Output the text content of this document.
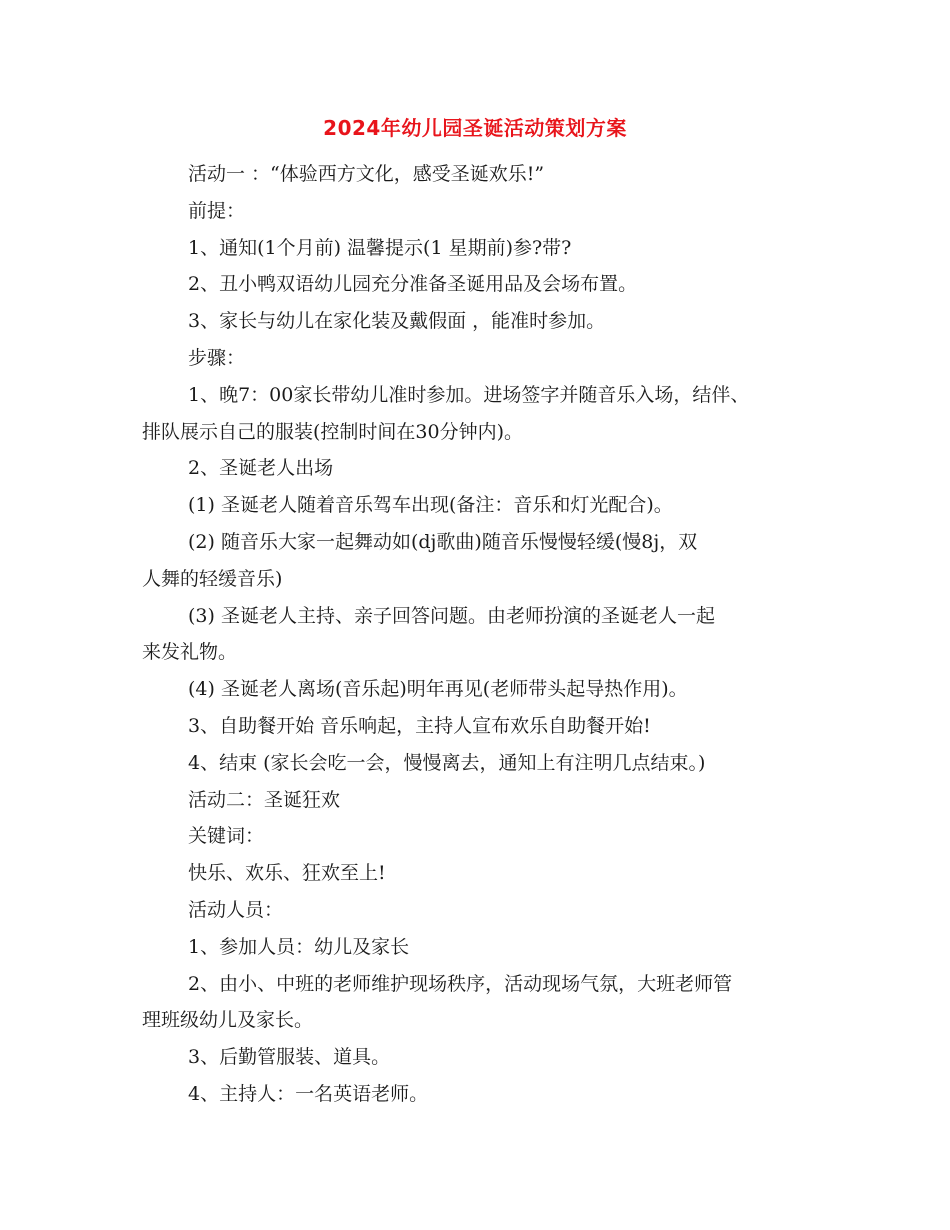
2024年幼儿园圣诞活动策划方案

活动一 ：“体验西方文化，感受圣诞欢乐!”

前提：

1、通知(1个月前) 温馨提示(1 星期前)参?带?

2、丑小鸭双语幼儿园充分准备圣诞用品及会场布置。

3、家长与幼儿在家化装及戴假面 ，能准时参加。

步骤：

1、晚7：00家长带幼儿准时参加。进场签字并随音乐入场，结伴、

排队展示自己的服装(控制时间在30分钟内)。

2、圣诞老人出场

(1) 圣诞老人随着音乐驾车出现(备注：音乐和灯光配合)。

(2) 随音乐大家一起舞动如(dj歌曲)随音乐慢慢轻缓(慢8j，双

人舞的轻缓音乐)

(3) 圣诞老人主持、亲子回答问题。由老师扮演的圣诞老人一起

来发礼物。

(4) 圣诞老人离场(音乐起)明年再见(老师带头起导热作用)。

3、自助餐开始 音乐响起，主持人宣布欢乐自助餐开始!

4、结束 (家长会吃一会，慢慢离去，通知上有注明几点结束。)

活动二：圣诞狂欢

关键词：

快乐、欢乐、狂欢至上!

活动人员：

1、参加人员：幼儿及家长

2、由小、中班的老师维护现场秩序，活动现场气氛，大班老师管

理班级幼儿及家长。

3、后勤管服装、道具。

4、主持人：一名英语老师。
